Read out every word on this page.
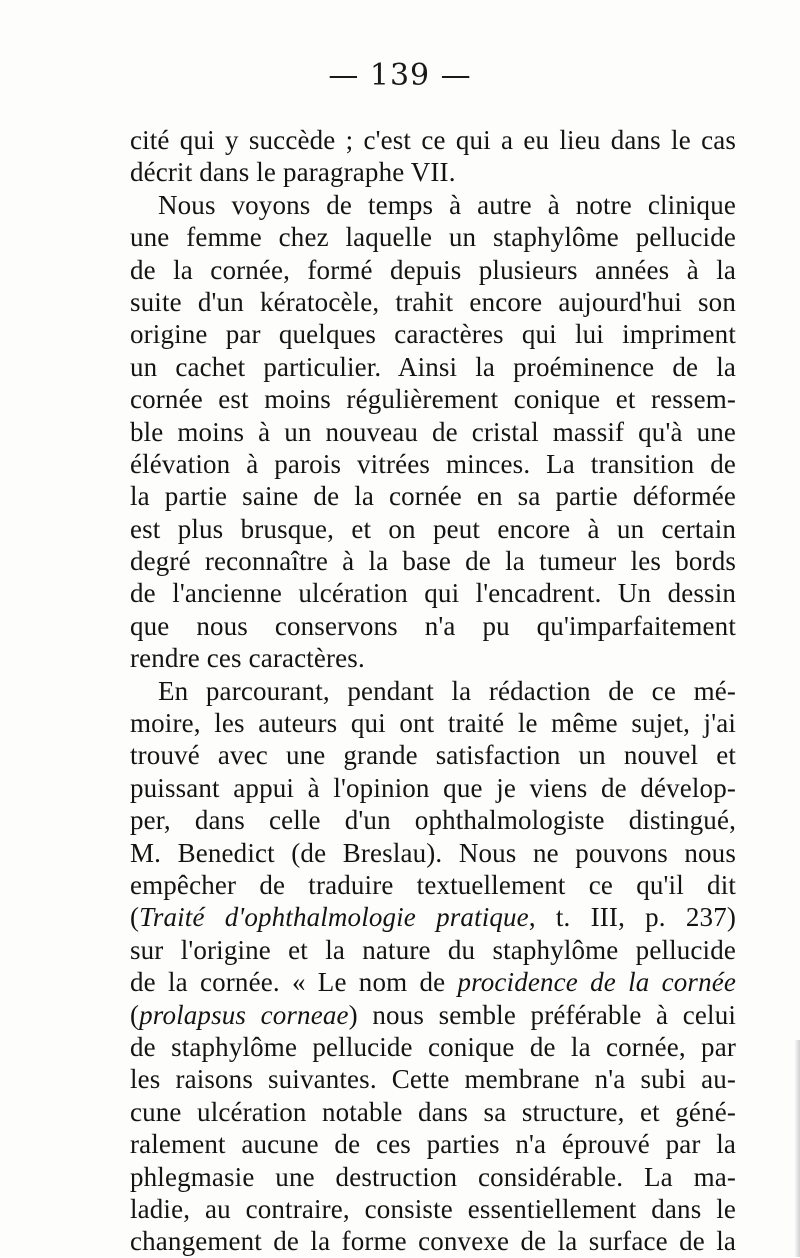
— 139 —
cité qui y succède ; c'est ce qui a eu lieu dans le cas
décrit dans le paragraphe VII.
Nous voyons de temps à autre à notre clinique
une femme chez laquelle un staphylôme pellucide
de la cornée, formé depuis plusieurs années à la
suite d'un kératocèle, trahit encore aujourd'hui son
origine par quelques caractères qui lui impriment
un cachet particulier. Ainsi la proéminence de la
cornée est moins régulièrement conique et ressem-
ble moins à un nouveau de cristal massif qu'à une
élévation à parois vitrées minces. La transition de
la partie saine de la cornée en sa partie déformée
est plus brusque, et on peut encore à un certain
degré reconnaître à la base de la tumeur les bords
de l'ancienne ulcération qui l'encadrent. Un dessin
que nous conservons n'a pu qu'imparfaitement
rendre ces caractères.
En parcourant, pendant la rédaction de ce mé-
moire, les auteurs qui ont traité le même sujet, j'ai
trouvé avec une grande satisfaction un nouvel et
puissant appui à l'opinion que je viens de dévelop-
per, dans celle d'un ophthalmologiste distingué,
M. Benedict (de Breslau). Nous ne pouvons nous
empêcher de traduire textuellement ce qu'il dit
(Traité d'ophthalmologie pratique, t. III, p. 237)
sur l'origine et la nature du staphylôme pellucide
de la cornée. « Le nom de procidence de la cornée
(prolapsus corneae) nous semble préférable à celui
de staphylôme pellucide conique de la cornée, par
les raisons suivantes. Cette membrane n'a subi au-
cune ulcération notable dans sa structure, et géné-
ralement aucune de ces parties n'a éprouvé par la
phlegmasie une destruction considérable. La ma-
ladie, au contraire, consiste essentiellement dans le
changement de la forme convexe de la surface de la
